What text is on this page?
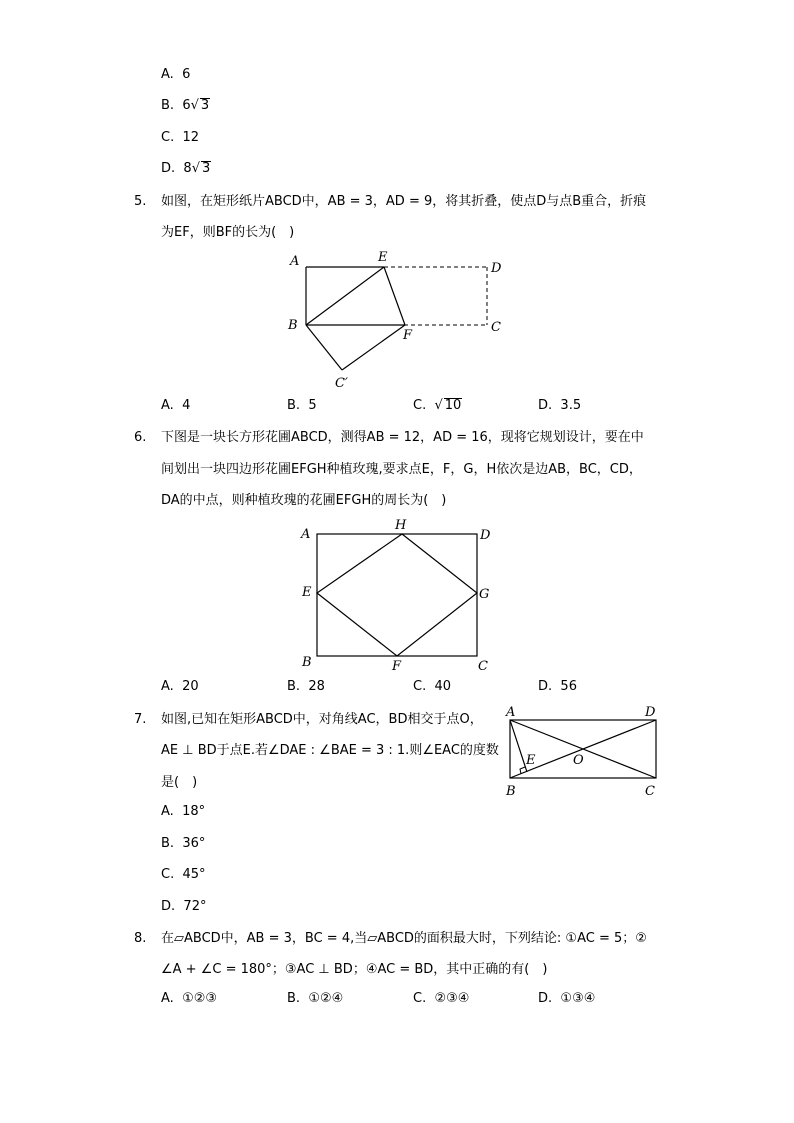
A. 6
B. 6√ 3
C. 12
D. 8√ 3
5. 如图，在矩形纸片ABCD中，AB = 3，AD = 9，将其折叠，使点D与点B重合，折痕
为EF，则BF的长为(　)
A	E
D
B
F
C
C′
A. 4	B. 5	C. √ 10	D. 3.5
6. 下图是一块长方形花圃ABCD，测得AB = 12，AD = 16，现将它规划设计，要在中
间划出一块四边形花圃EFGH种植玫瑰,要求点E，F，G，H依次是边AB，BC，CD，
DA的中点，则种植玫瑰的花圃EFGH的周长为(　)
A
H
D
E	G
B	F	C
A. 20	B. 28	C. 40	D. 56
7. 如图,已知在矩形ABCD中，对角线AC，BD相交于点O，
AE ⊥ BD于点E.若∠DAE : ∠BAE = 3 : 1.则∠EAC的度数
是(　)
A	D
E	O
B	C
A. 18°
B. 36°
C. 45°
D. 72°
8. 在▱ABCD中，AB = 3，BC = 4,当▱ABCD的面积最大时，下列结论: ①AC = 5；②
∠A + ∠C = 180°；③AC ⊥ BD；④AC = BD，其中正确的有(　)
A. ①②③	B. ①②④	C. ②③④	D. ①③④
